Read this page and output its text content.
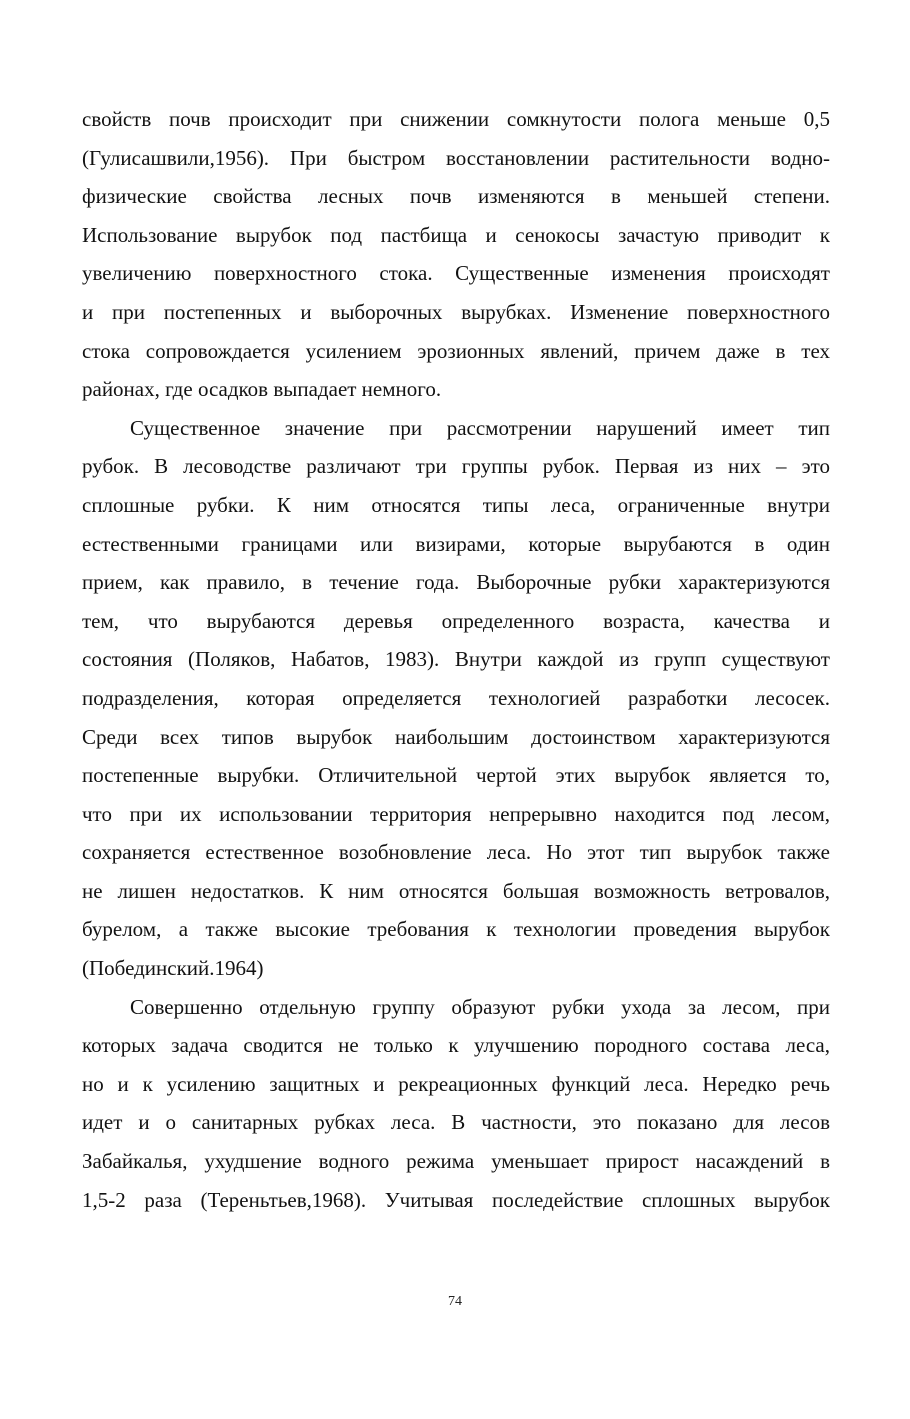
свойств почв происходит при снижении сомкнутости полога меньше 0,5
(Гулисашвили,1956). При быстром восстановлении растительности водно-
физические свойства лесных почв изменяются в меньшей степени.
Использование вырубок под пастбища и сенокосы зачастую приводит к
увеличению поверхностного стока. Существенные изменения происходят
и при постепенных и выборочных вырубках. Изменение поверхностного
стока сопровождается усилением эрозионных явлений, причем даже в тех
районах, где осадков выпадает немного.
Существенное значение при рассмотрении нарушений имеет тип
рубок. В лесоводстве различают три группы рубок. Первая из них – это
сплошные рубки. К ним относятся типы леса, ограниченные внутри
естественными границами или визирами, которые вырубаются в один
прием, как правило, в течение года. Выборочные рубки характеризуются
тем, что вырубаются деревья определенного возраста, качества и
состояния (Поляков, Набатов, 1983). Внутри каждой из групп существуют
подразделения, которая определяется технологией разработки лесосек.
Среди всех типов вырубок наибольшим достоинством характеризуются
постепенные вырубки. Отличительной чертой этих вырубок является то,
что при их использовании территория непрерывно находится под лесом,
сохраняется естественное возобновление леса. Но этот тип вырубок также
не лишен недостатков. К ним относятся большая возможность ветровалов,
бурелом, а также высокие требования к технологии проведения вырубок
(Побединский.1964)
Совершенно отдельную группу образуют рубки ухода за лесом, при
которых задача сводится не только к улучшению породного состава леса,
но и к усилению защитных и рекреационных функций леса. Нередко речь
идет и о санитарных рубках леса. В частности, это показано для лесов
Забайкалья, ухудшение водного режима уменьшает прирост насаждений в
1,5-2 раза (Тереньтьев,1968). Учитывая последействие сплошных вырубок
74
